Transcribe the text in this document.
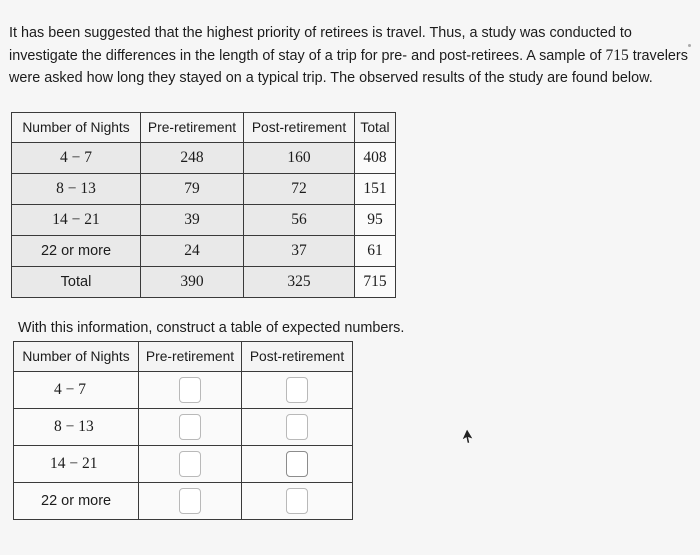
It has been suggested that the highest priority of retirees is travel. Thus, a study was conducted to investigate the differences in the length of stay of a trip for pre- and post-retirees. A sample of 715 travelers were asked how long they stayed on a typical trip. The observed results of the study are found below.
Number of Nights	Pre-retirement	Post-retirement	Total
4 − 7	248	160	408
8 − 13	79	72	151
14 − 21	39	56	95
22 or more	24	37	61
Total	390	325	715
With this information, construct a table of expected numbers.
Number of Nights	Pre-retirement	Post-retirement
4 − 7		
8 − 13		
14 − 21		
22 or more		
